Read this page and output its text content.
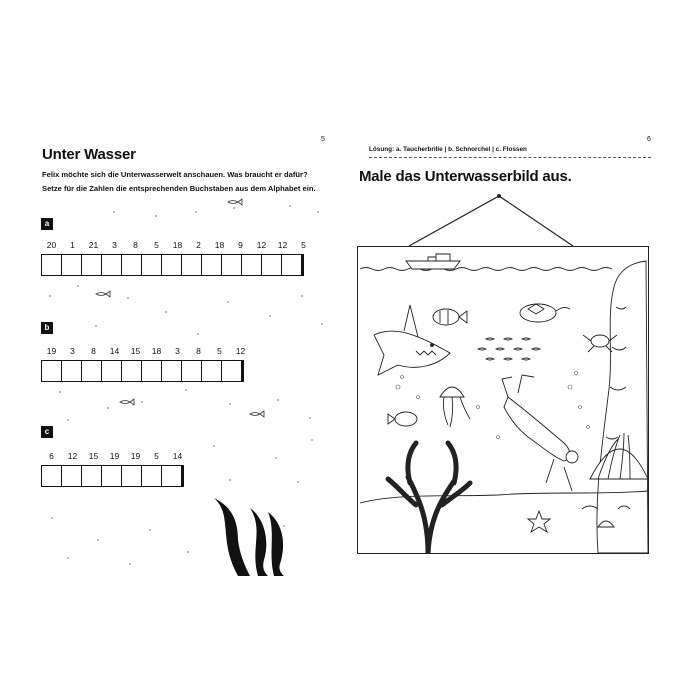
5
Unter Wasser
Felix möchte sich die Unterwasserwelt anschauen. Was braucht er dafür?
Setze für die Zahlen die entsprechenden Buchstaben aus dem Alphabet ein.
a
20	1	21	3	8	5	18	2	18	9	12	12	5
b
19	3	8	14	15	18	3	8	5	12
c
6	12	15	19	19	5	14
Lösung: a. Taucherbrille | b. Schnorchel | c. Flossen
6
Male das Unterwasserbild aus.
